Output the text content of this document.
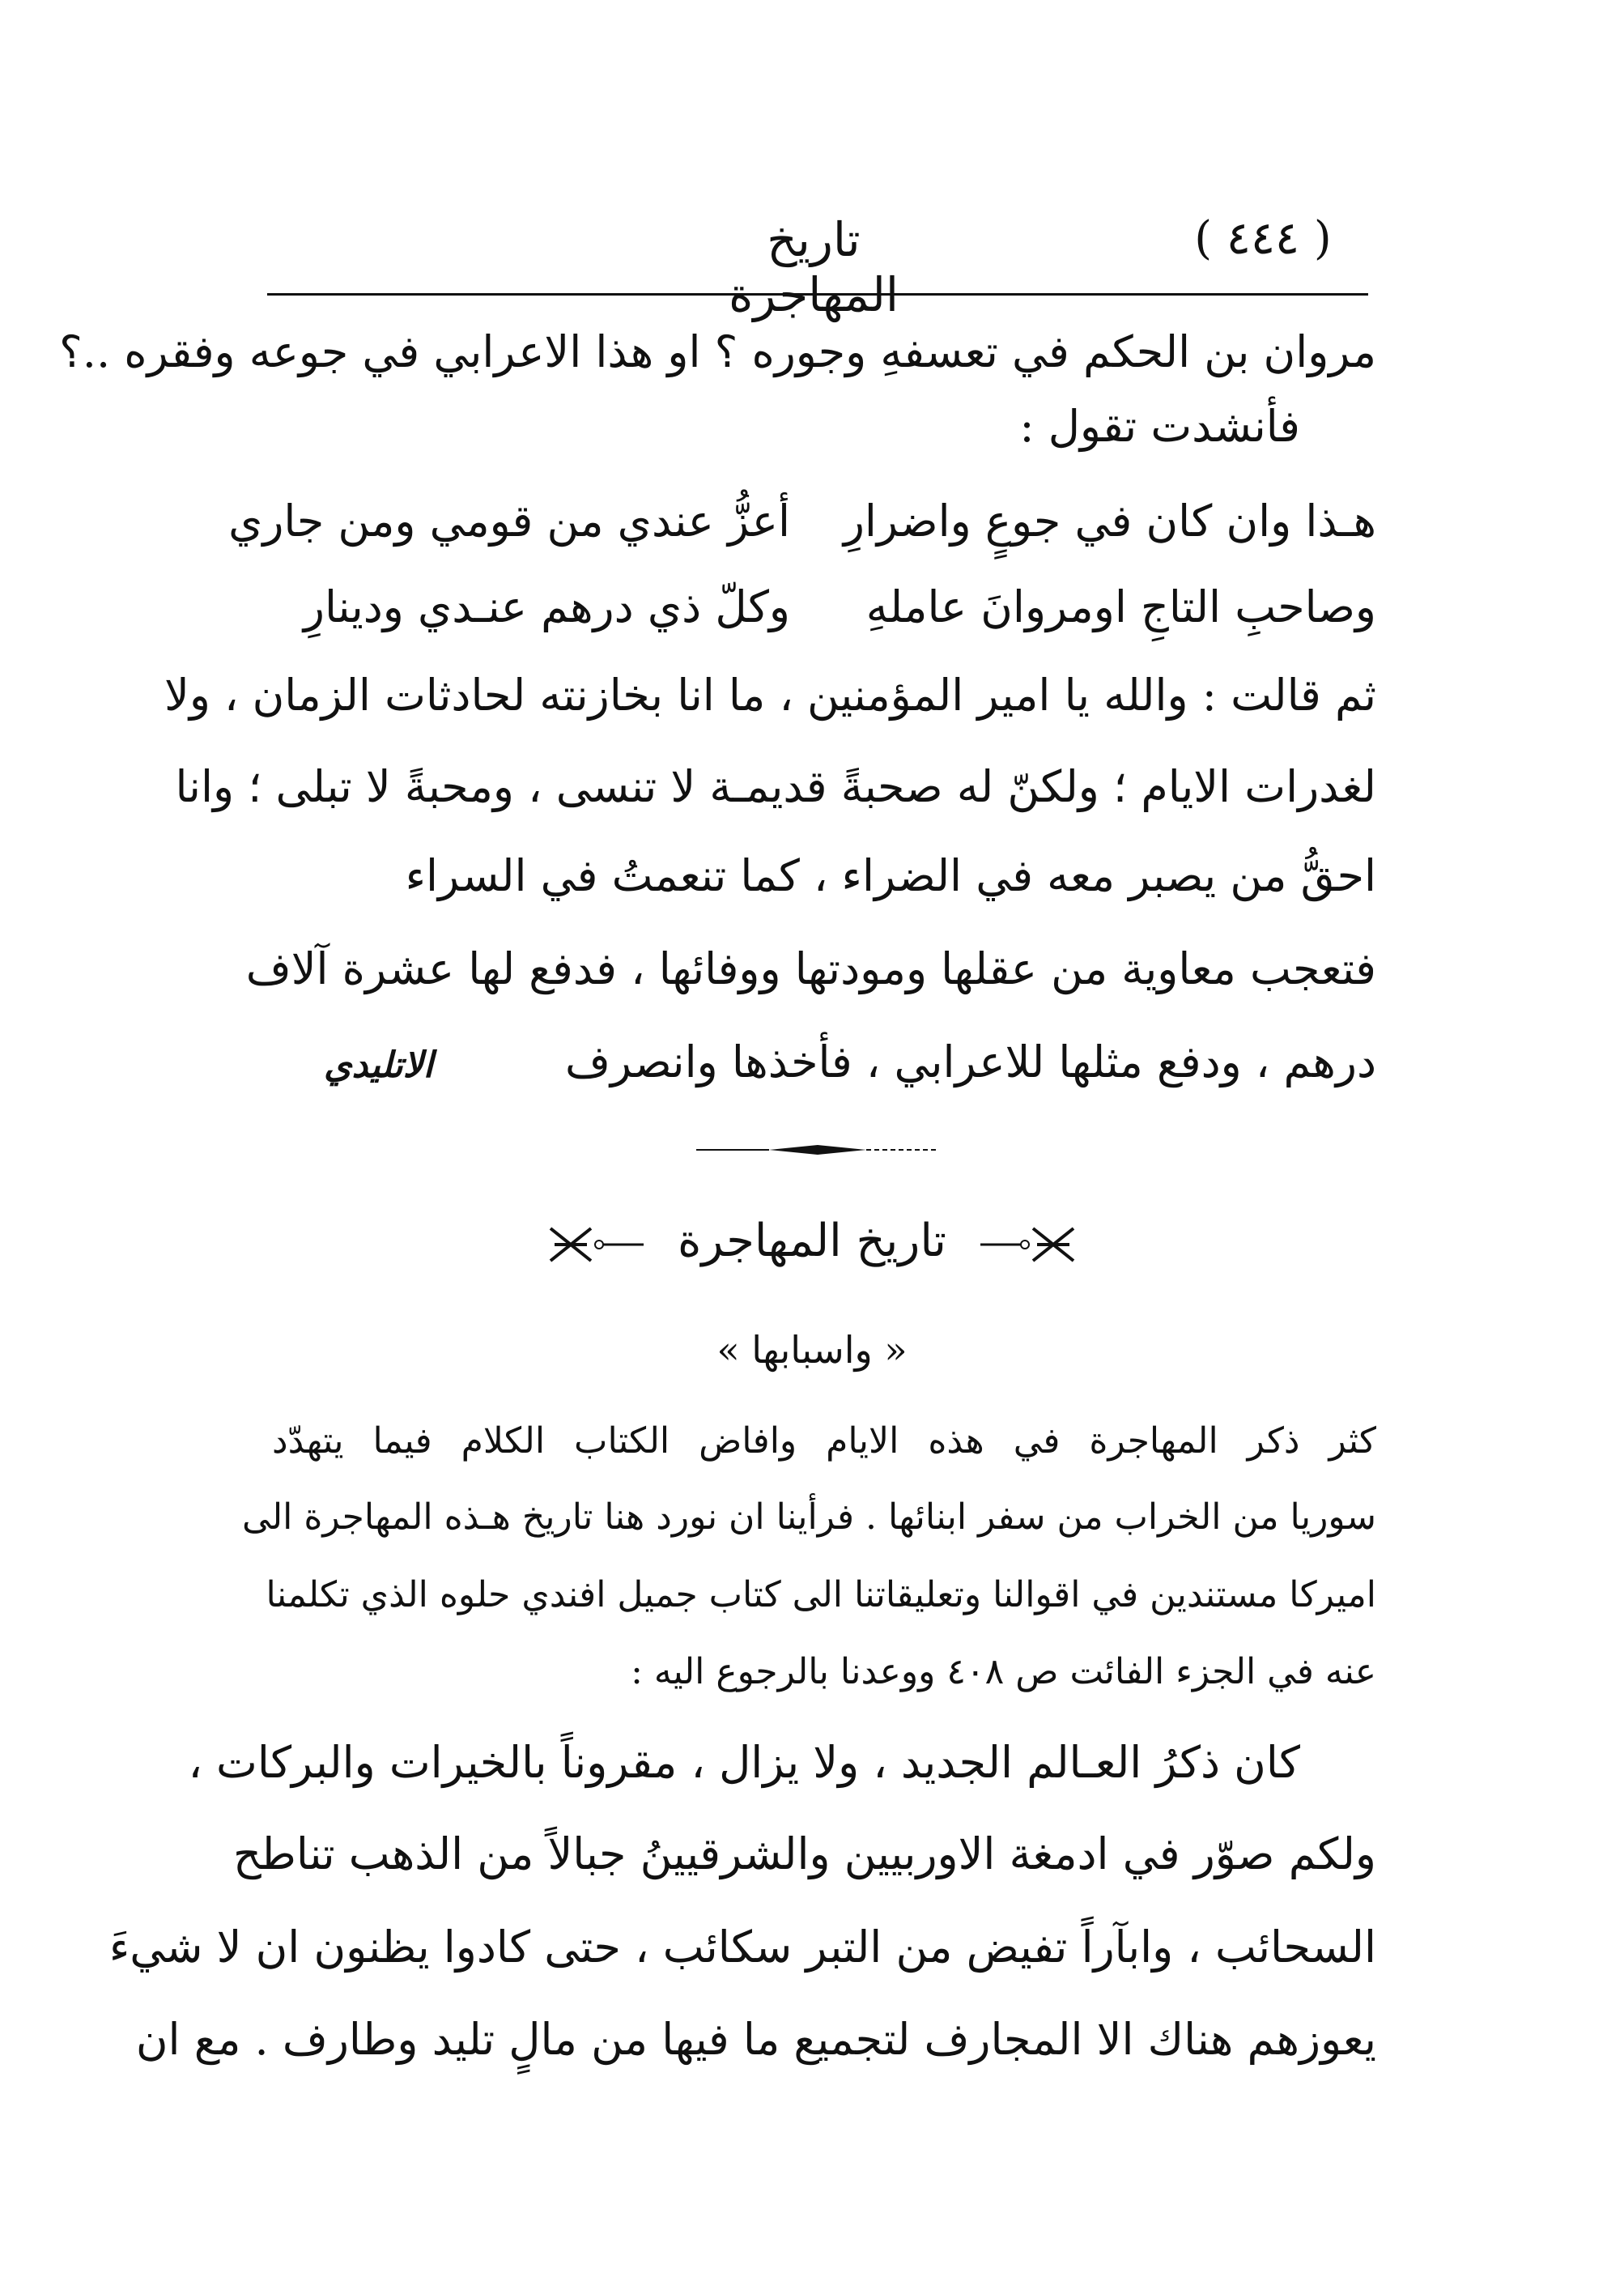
( ٤٤٤ )
تاريخ المهاجرة
مروان بن الحكم في تعسفهِ وجوره ؟ او هذا الاعرابي في جوعه وفقره ..؟
فأنشدت تقول :
هـذا وان كان في جوعٍ واضرارِ
أعزُّ عندي من قومي ومن جاري
وصاحبِ التاجِ اومروانَ عاملهِ
وكلّ ذي درهم عنـدي ودينارِ
ثم قالت : والله يا امير المؤمنين ، ما انا بخازنته لحادثات الزمان ، ولا
لغدرات الايام ؛ ولكنّ له صحبةً قديمـة لا تنسى ، ومحبةً لا تبلى ؛ وانا
احقُّ من يصبر معه في الضراء ، كما تنعمتُ في السراء
فتعجب معاوية من عقلها ومودتها ووفائها ، فدفع لها عشرة آلاف
درهم ، ودفع مثلها للاعرابي ، فأخذها وانصرف
الاتليدي
تاريخ المهاجرة
« واسبابها »
كثر ذكر المهاجرة في هذه الايام وافاض الكتاب الكلام فيما يتهدّد
سوريا من الخراب من سفر ابنائها . فرأينا ان نورد هنا تاريخ هـذه المهاجرة الى
اميركا مستندين في اقوالنا وتعليقاتنا الى كتاب جميل افندي حلوه الذي تكلمنا
عنه في الجزء الفائت ص ٤٠٨ ووعدنا بالرجوع اليه :
كان ذكرُ العـالم الجديد ، ولا يزال ، مقروناً بالخيرات والبركات ،
ولكم صوّر في ادمغة الاوربيين والشرقيينُ جبالاً من الذهب تناطح
السحائب ، وابآراً تفيض من التبر سكائب ، حتى كادوا يظنون ان لا شيءَ
يعوزهم هناك الا المجارف لتجميع ما فيها من مالٍ تليد وطارف . مع ان
